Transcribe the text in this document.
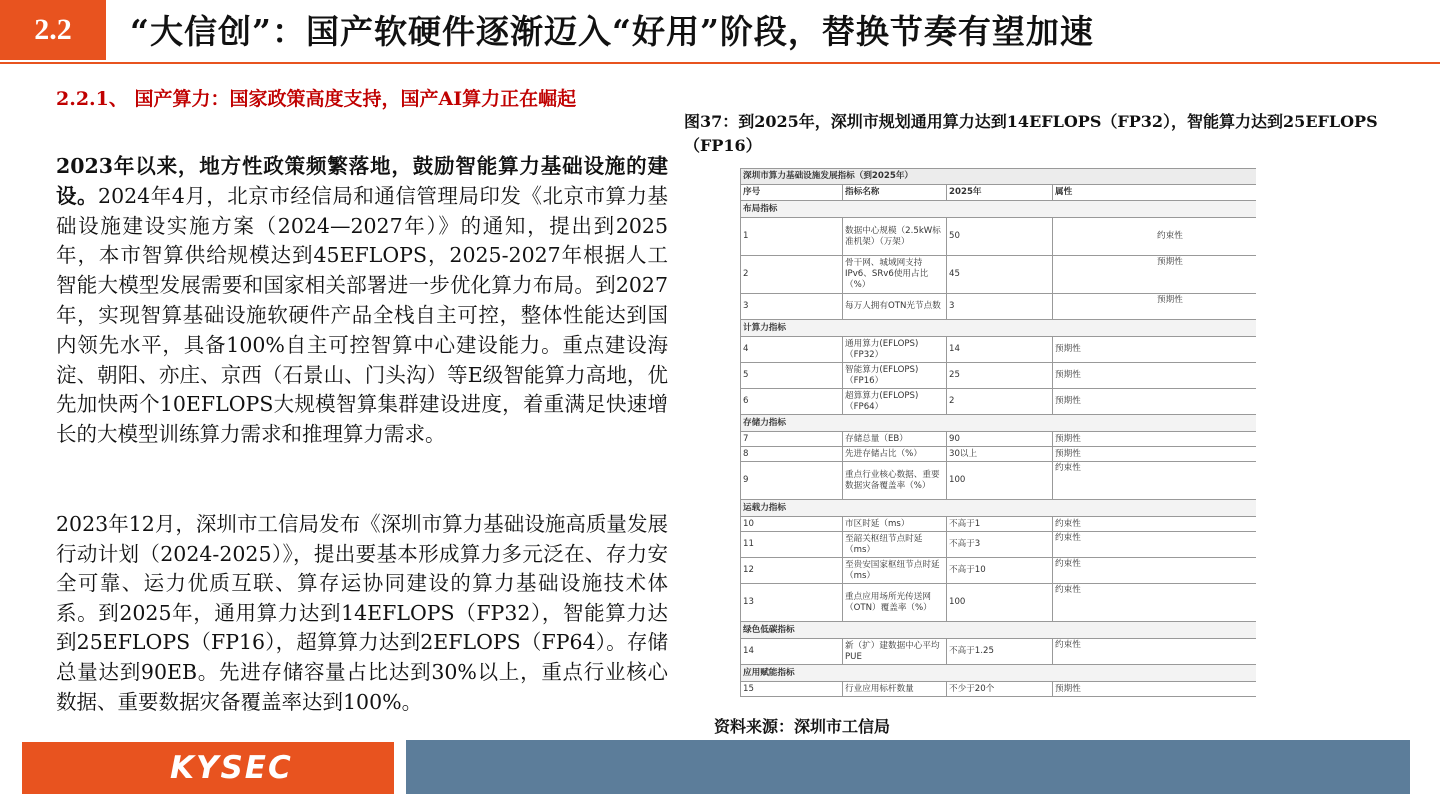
2.2	“大信创”：国产软硬件逐渐迈入“好用”阶段，替换节奏有望加速
2.2.1、 国产算力：国家政策高度支持，国产AI算力正在崛起
2023年以来，地方性政策频繁落地，鼓励智能算力基础设施的建设。2024年4月，北京市经信局和通信管理局印发《北京市算力基础设施建设实施方案（2024—2027年）》的通知，提出到2025年，本市智算供给规模达到45EFLOPS，2025-2027年根据人工智能大模型发展需要和国家相关部署进一步优化算力布局。到2027年，实现智算基础设施软硬件产品全栈自主可控，整体性能达到国内领先水平，具备100%自主可控智算中心建设能力。重点建设海淀、朝阳、亦庄、京西（石景山、门头沟）等E级智能算力高地，优先加快两个10EFLOPS大规模智算集群建设进度，着重满足快速增长的大模型训练算力需求和推理算力需求。
2023年12月，深圳市工信局发布《深圳市算力基础设施高质量发展行动计划（2024-2025）》，提出要基本形成算力多元泛在、存力安全可靠、运力优质互联、算存运协同建设的算力基础设施技术体系。到2025年，通用算力达到14EFLOPS（FP32），智能算力达到25EFLOPS（FP16），超算算力达到2EFLOPS（FP64）。存储总量达到90EB。先进存储容量占比达到30%以上，重点行业核心数据、重要数据灾备覆盖率达到100%。
图37：到2025年，深圳市规划通用算力达到14EFLOPS（FP32），智能算力达到25EFLOPS（FP16）
深圳市算力基础设施发展指标（到2025年）			
序号	指标名称	2025年	属性
布局指标			
1	数据中心规模（2.5kW标准机架）（万架）	50	约束性
2	骨干网、城域网支持IPv6、SRv6使用占比（%）	45	预期性
3	每万人拥有OTN光节点数	3	预期性
计算力指标			
4	通用算力(EFLOPS)（FP32）	14	预期性
5	智能算力(EFLOPS)（FP16）	25	预期性
6	超算算力(EFLOPS)（FP64）	2	预期性
存储力指标			
7	存储总量（EB）	90	预期性
8	先进存储占比（%）	30以上	预期性
9	重点行业核心数据、重要数据灾备覆盖率（%）	100	约束性
运载力指标			
10	市区时延（ms）	不高于1	约束性
11	至韶关枢纽节点时延（ms）	不高于3	约束性
12	至贵安国家枢纽节点时延（ms）	不高于10	约束性
13	重点应用场所光传送网（OTN）覆盖率（%）	100	约束性
绿色低碳指标			
14	新（扩）建数据中心平均PUE	不高于1.25	约束性
应用赋能指标			
15	行业应用标杆数量	不少于20个	预期性
资料来源：深圳市工信局
KYSEC
